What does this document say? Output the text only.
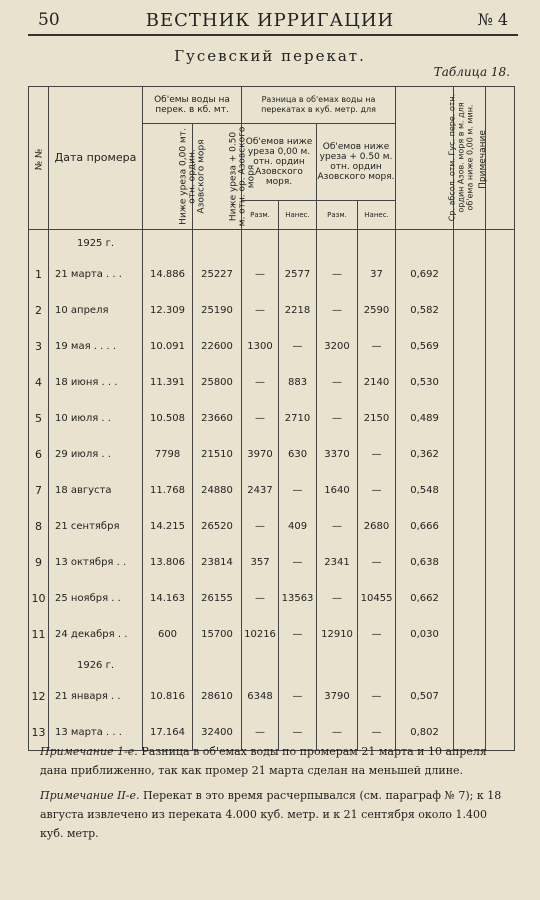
50	ВЕСТНИК ИРРИГАЦИИ	№ 4
Гусевский перекат.
Таблица 18.
№ №	Дата промера	Об'емы воды на перек. в кб. мт.		Разница в об'емах воды на перекатах в куб. метр. для				Ср. абсол. отм. Гус. пере. отн. ордин Азов. моря в м. для об'ема ниже 0,00 м. мин.	Примечание	
		Ниже уреза 0,00 мт. отн. ордин. Азовского моря	Ниже уреза + 0.50 м. отн. ор. Азовского моря	Об'емов ниже уреза 0,00 м. отн. ордин Азовского моря.		Об'емов ниже уреза + 0.50 м. отн. ордин Азовского моря.				
				Разм.	Нанес.	Разм.	Нанес.			
	1925 г.									
1	21 марта . . .	14.886	25227	—	2577	—	37	0,692		
2	10 апреля	12.309	25190	—	2218	—	2590	0,582		
3	19 мая . . . .	10.091	22600	1300	—	3200	—	0,569		
4	18 июня . . .	11.391	25800	—	883	—	2140	0,530		
5	10 июля . .	10.508	23660	—	2710	—	2150	0,489		
6	29 июля . .	7798	21510	3970	630	3370	—	0,362		
7	18 августа	11.768	24880	2437	—	1640	—	0,548		
8	21 сентября	14.215	26520	—	409	—	2680	0,666		
9	13 октября . .	13.806	23814	357	—	2341	—	0,638		
10	25 ноября . .	14.163	26155	—	13563	—	10455	0,662		
11	24 декабря . .	600	15700	10216	—	12910	—	0,030		
	1926 г.									
12	21 января . .	10.816	28610	6348	—	3790	—	0,507		
13	13 марта . . .	17.164	32400	—	—	—	—	0,802		

Примечание 1-е. Разница в об'емах воды по промерам 21 марта и 10 апреля дана приближенно, так как промер 21 марта сделан на меньшей длине.

Примечание II-е. Перекат в это время расчерпывался (см. параграф № 7); к 18 августа извлечено из переката 4.000 куб. метр. и к 21 сентября около 1.400 куб. метр.
